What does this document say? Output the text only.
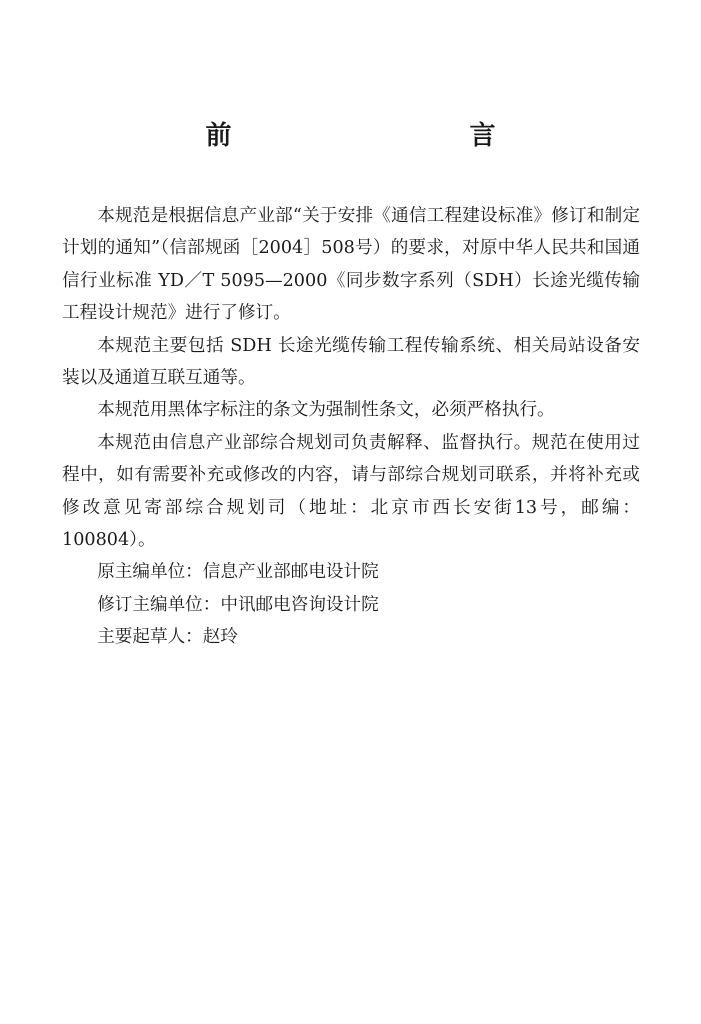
前　　言

本规范是根据信息产业部“关于安排《通信工程建设标准》修订和制定计划的通知”（信部规函［2004］508号）的要求，对原中华人民共和国通信行业标准 YD／T 5095—2000《同步数字系列（SDH）长途光缆传输工程设计规范》进行了修订。

本规范主要包括 SDH 长途光缆传输工程传输系统、相关局站设备安装以及通道互联互通等。

本规范用黑体字标注的条文为强制性条文，必须严格执行。

本规范由信息产业部综合规划司负责解释、监督执行。规范在使用过程中，如有需要补充或修改的内容，请与部综合规划司联系，并将补充或修改意见寄部综合规划司（地址：北京市西长安街13号，邮编：100804）。

原主编单位：信息产业部邮电设计院

修订主编单位：中讯邮电咨询设计院

主要起草人：赵玲
